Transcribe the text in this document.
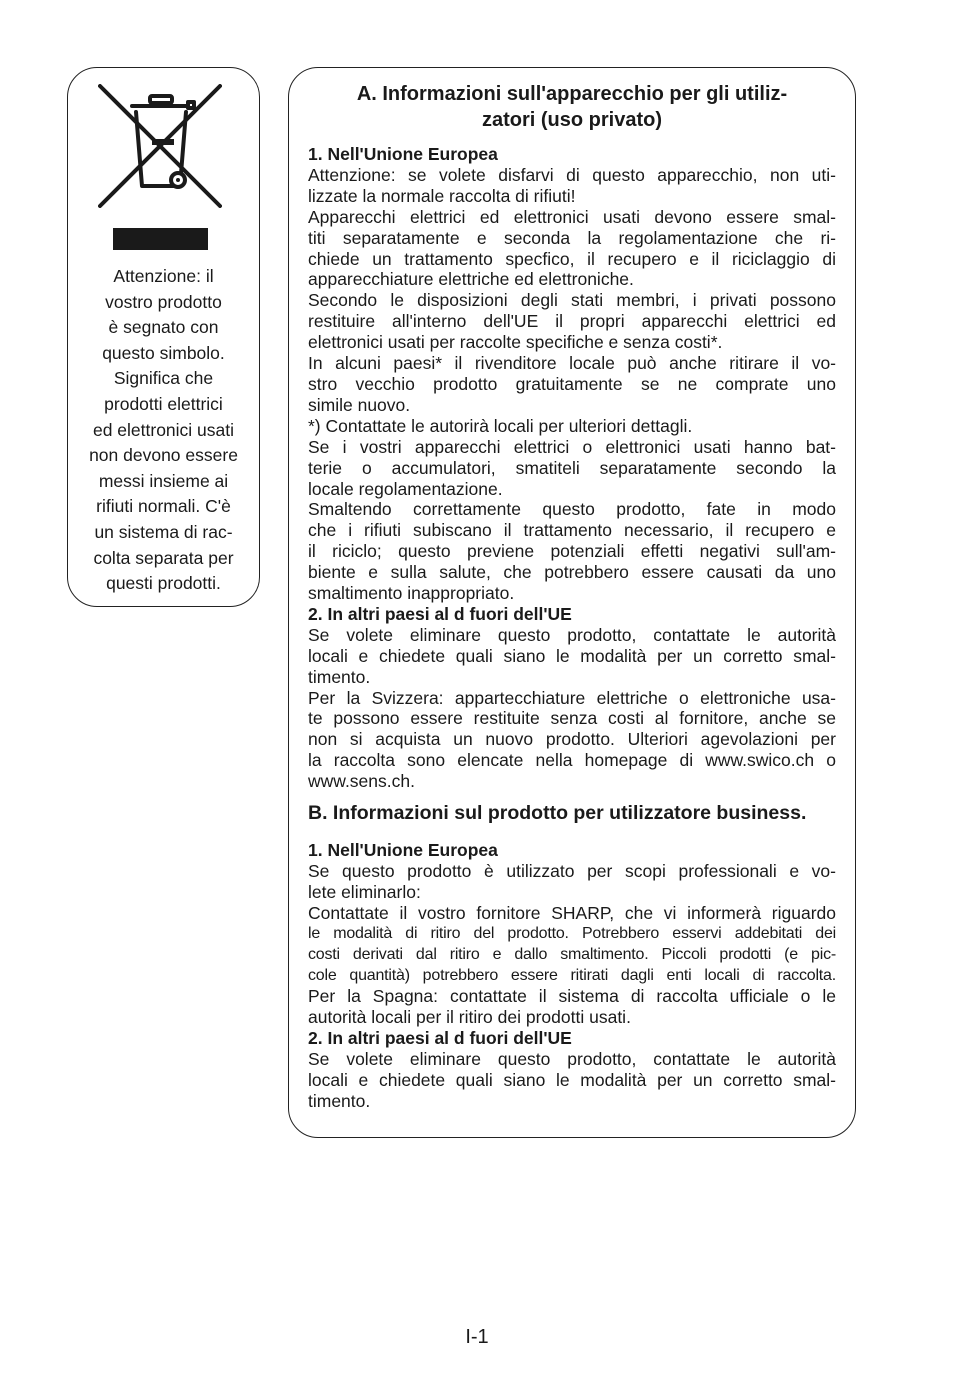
Attenzione: il
vostro prodotto
è segnato con
questo simbolo.
Significa che
prodotti elettrici
ed elettronici usati
non devono essere
messi insieme ai
rifiuti normali. C'è
un sistema di rac-
colta separata per
questi prodotti.
A. Informazioni sull'apparecchio per gli utiliz-
zatori (uso privato)
1. Nell'Unione Europea
Attenzione: se volete disfarvi di questo apparecchio, non uti-
lizzate la normale raccolta di rifiuti!
Apparecchi elettrici ed elettronici usati devono essere smal-
titi separatamente e seconda la regolamentazione che ri-
chiede un trattamento specfico, il recupero e il riciclaggio di
apparecchiature elettriche ed elettroniche.
Secondo le disposizioni degli stati membri, i privati possono
restituire all'interno dell'UE il propri apparecchi elettrici ed
elettronici usati per raccolte specifiche e senza costi*.
In alcuni paesi* il rivenditore locale può anche ritirare il vo-
stro vecchio prodotto gratuitamente se ne comprate uno
simile nuovo.
*) Contattate le autorirà locali per ulteriori dettagli.
Se i vostri apparecchi elettrici o elettronici usati hanno bat-
terie o accumulatori, smatiteli separatamente secondo la
locale regolamentazione.
Smaltendo correttamente questo prodotto, fate in modo
che i rifiuti subiscano il trattamento necessario, il recupero e
il riciclo; questo previene potenziali effetti negativi sull'am-
biente e sulla salute, che potrebbero essere causati da uno
smaltimento inappropriato.
2. In altri paesi al d fuori dell'UE
Se volete eliminare questo prodotto, contattate le autorità
locali e chiedete quali siano le modalità per un corretto smal-
timento.
Per la Svizzera: appartecchiature elettriche o elettroniche usa-
te possono essere restituite senza costi al fornitore, anche se
non si acquista un nuovo prodotto. Ulteriori agevolazioni per
la raccolta sono elencate nella homepage di www.swico.ch o
www.sens.ch.
B. Informazioni sul prodotto per utilizzatore business.
1. Nell'Unione Europea
Se questo prodotto è utilizzato per scopi professionali e vo-
lete eliminarlo:
Contattate il vostro fornitore SHARP, che vi informerà riguardo
le modalità di ritiro del prodotto. Potrebbero esservi addebitati dei
costi derivati dal ritiro e dallo smaltimento. Piccoli prodotti (e pic-
cole quantità) potrebbero essere ritirati dagli enti locali di raccolta.
Per la Spagna: contattate il sistema di raccolta ufficiale o le
autorità locali per il ritiro dei prodotti usati.
2. In altri paesi al d fuori dell'UE
Se volete eliminare questo prodotto, contattate le autorità
locali e chiedete quali siano le modalità per un corretto smal-
timento.
I-1
